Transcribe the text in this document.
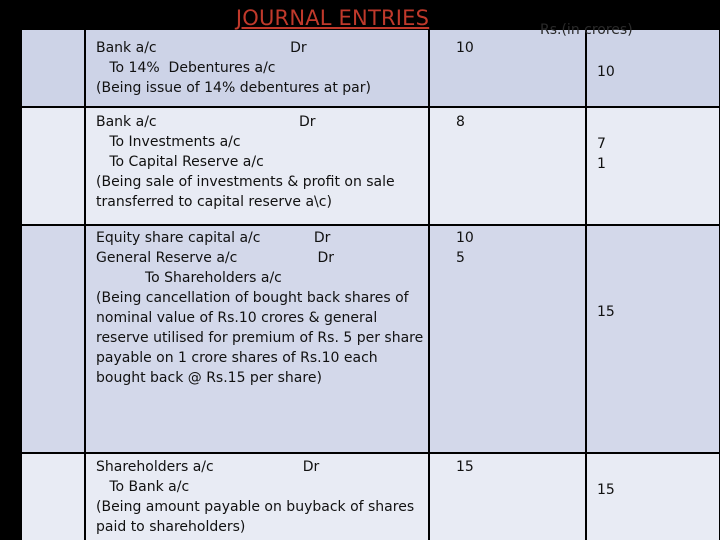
JOURNAL ENTRIES	Rs.(in crores)
Bank a/c                              Dr
To 14%  Debentures a/c
(Being issue of 14% debentures at par)
10
10
Bank a/c                                Dr
To Investments a/c
To Capital Reserve a/c
(Being sale of investments & profit on sale transferred to capital reserve a\c)
8
7
1
Equity share capital a/c            Dr
General Reserve a/c                  Dr
To Shareholders a/c
(Being cancellation of bought back shares of nominal value of Rs.10 crores & general reserve utilised for premium of Rs. 5 per share payable on 1 crore shares of Rs.10 each bought back @ Rs.15 per share)
10
5
15
Shareholders a/c                    Dr
To Bank a/c
(Being amount payable on buyback of shares paid to shareholders)
15
15
